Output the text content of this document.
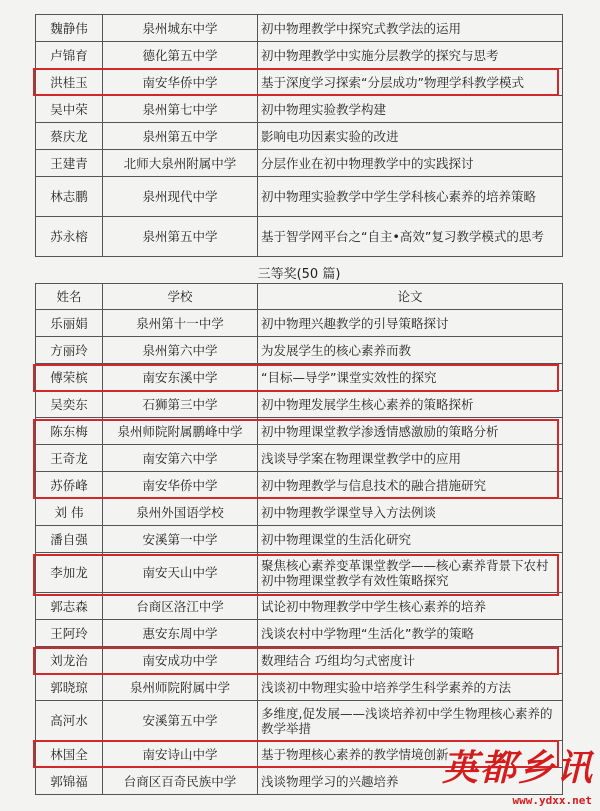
魏静伟	泉州城东中学	初中物理教学中探究式教学法的运用
卢锦育	德化第五中学	初中物理教学中实施分层教学的探究与思考
洪桂玉	南安华侨中学	基于深度学习探索“分层成功”物理学科教学模式
吴中荣	泉州第七中学	初中物理实验教学构建
蔡庆龙	泉州第五中学	影响电功因素实验的改进
王建青	北师大泉州附属中学	分层作业在初中物理教学中的实践探讨
林志鹏	泉州现代中学	初中物理实验教学中学生学科核心素养的培养策略
苏永榕	泉州第五中学	基于智学网平台之“自主•高效”复习教学模式的思考
三等奖(50 篇)
姓名	学校	论文
乐丽娟	泉州第十一中学	初中物理兴趣教学的引导策略探讨
方丽玲	泉州第六中学	为发展学生的核心素养而教
傅荣槟	南安东溪中学	“目标—导学”课堂实效性的探究
吴奕东	石狮第三中学	初中物理发展学生核心素养的策略探析
陈东梅	泉州师院附属鹏峰中学	初中物理课堂教学渗透情感激励的策略分析
王奇龙	南安第六中学	浅谈导学案在物理课堂教学中的应用
苏侨峰	南安华侨中学	初中物理教学与信息技术的融合措施研究
刘 伟	泉州外国语学校	初中物理教学课堂导入方法例谈
潘自强	安溪第一中学	初中物理课堂的生活化研究
李加龙	南安天山中学	聚焦核心素养变革课堂教学——核心素养背景下农村初中物理课堂教学有效性策略探究
郭志森	台商区洛江中学	试论初中物理教学中学生核心素养的培养
王阿玲	惠安东周中学	浅谈农村中学物理“生活化”教学的策略
刘龙治	南安成功中学	数理结合 巧组均匀式密度计
郭晓琼	泉州师院附属中学	浅谈初中物理实验中培养学生科学素养的方法
高河水	安溪第五中学	多维度,促发展——浅谈培养初中学生物理核心素养的教学举措
林国全	南安诗山中学	基于物理核心素养的教学情境创新
郭锦福	台商区百奇民族中学	浅谈物理学习的兴趣培养 英都乡讯
www.ydxx.net
